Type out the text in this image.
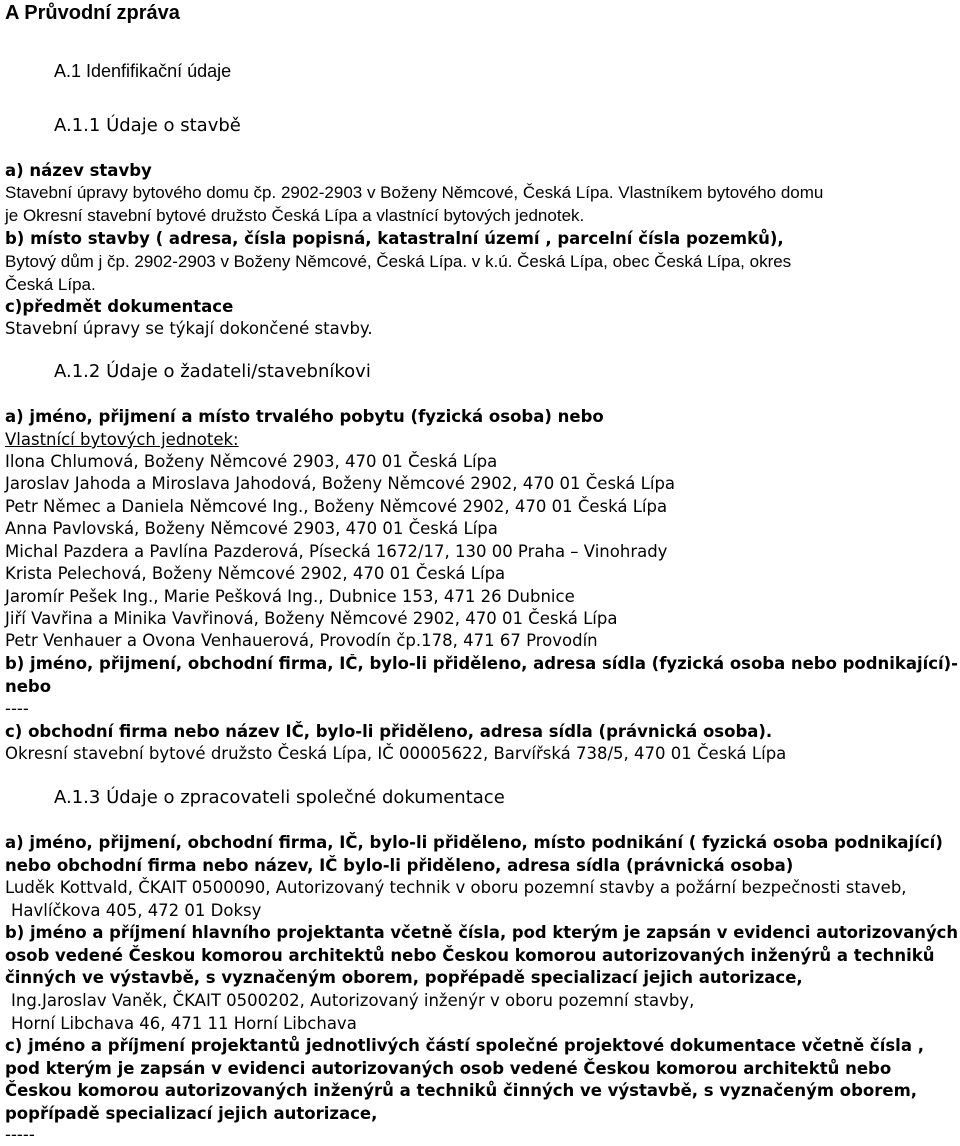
A Průvodní zpráva
A.1 Idenfifikační údaje
A.1.1 Údaje o stavbě
a) název stavby
Stavební úpravy bytového domu čp. 2902-2903 v Boženy Němcové, Česká Lípa. Vlastníkem bytového domu
je Okresní stavební bytové družsto Česká Lípa a vlastnící bytových jednotek.
b) místo stavby ( adresa, čísla popisná, katastralní území , parcelní čísla pozemků),
Bytový dům j čp. 2902-2903 v Boženy Němcové, Česká Lípa. v k.ú. Česká Lípa, obec Česká Lípa, okres
Česká Lípa.
c)předmět dokumentace
Stavební úpravy se týkají dokončené stavby.
A.1.2 Údaje o žadateli/stavebníkovi
a) jméno, přijmení a místo trvalého pobytu (fyzická osoba) nebo
Vlastnící bytových jednotek:
Ilona Chlumová, Boženy Němcové 2903, 470 01 Česká Lípa
Jaroslav Jahoda a Miroslava Jahodová, Boženy Němcové 2902, 470 01 Česká Lípa
Petr Němec a Daniela Němcové Ing., Boženy Němcové 2902, 470 01 Česká Lípa
Anna Pavlovská, Boženy Němcové 2903, 470 01 Česká Lípa
Michal Pazdera a Pavlína Pazderová, Písecká 1672/17, 130 00 Praha – Vinohrady
Krista Pelechová, Boženy Němcové 2902, 470 01 Česká Lípa
Jaromír Pešek Ing., Marie Pešková Ing., Dubnice 153, 471 26 Dubnice
Jiří Vavřina a Minika Vavřinová, Boženy Němcové 2902, 470 01 Česká Lípa
Petr Venhauer a Ovona Venhauerová, Provodín čp.178, 471 67 Provodín
b) jméno, přijmení, obchodní firma, IČ, bylo-li přiděleno, adresa sídla (fyzická osoba nebo podnikající)-
nebo
----
c) obchodní firma nebo název IČ, bylo-li přiděleno, adresa sídla (právnická osoba).
Okresní stavební bytové družsto Česká Lípa, IČ 00005622, Barvířská 738/5, 470 01 Česká Lípa
A.1.3 Údaje o zpracovateli společné dokumentace
a) jméno, přijmení, obchodní firma, IČ, bylo-li přiděleno, místo podnikání ( fyzická osoba podnikající)
nebo obchodní firma nebo název, IČ bylo-li přiděleno, adresa sídla (právnická osoba)
Luděk Kottvald, ČKAIT 0500090, Autorizovaný technik v oboru pozemní stavby a požární bezpečnosti staveb,
Havlíčkova 405, 472 01 Doksy
b) jméno a příjmení hlavního projektanta včetně čísla, pod kterým je zapsán v evidenci autorizovaných
osob vedené Českou komorou architektů nebo Českou komorou autorizovaných inženýrů a techniků
činných ve výstavbě, s vyznačeným oborem, popřépadě specializací jejich autorizace,
Ing.Jaroslav Vaněk, ČKAIT 0500202, Autorizovaný inženýr v oboru pozemní stavby,
Horní Libchava 46, 471 11 Horní Libchava
c) jméno a příjmení projektantů jednotlivých částí společné projektové dokumentace včetně čísla ,
pod kterým je zapsán v evidenci autorizovaných osob vedené Českou komorou architektů nebo
Českou komorou autorizovaných inženýrů a techniků činných ve výstavbě, s vyznačeným oborem,
popřípadě specializací jejich autorizace,
-----
